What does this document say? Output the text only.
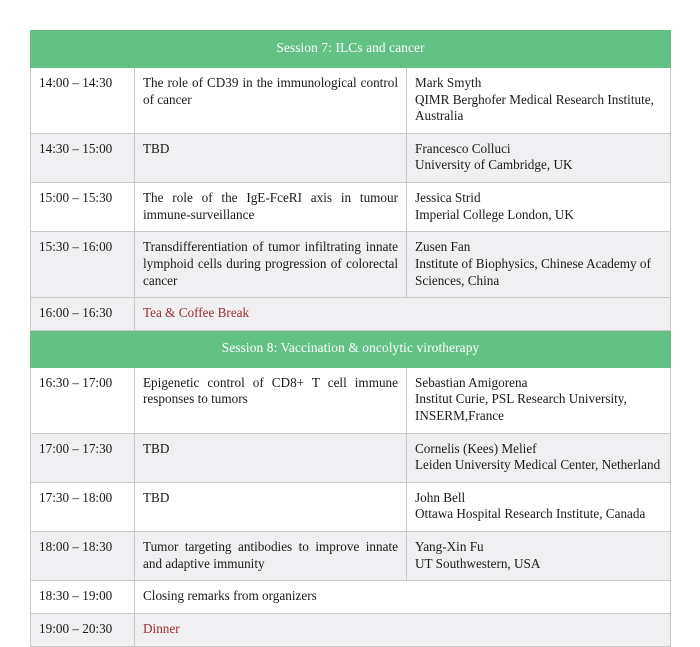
Session 7: ILCs and cancer		
14:00 – 14:30	The role of CD39 in the immunological control of cancer	Mark Smyth
QIMR Berghofer Medical Research Institute, Australia

14:30 – 15:00	TBD	Francesco Colluci
University of Cambridge, UK

15:00 – 15:30	The role of the IgE-FceRI axis in tumour immune-surveillance	Jessica Strid
Imperial College London, UK

15:30 – 16:00	Transdifferentiation of tumor infiltrating innate lymphoid cells during progression of colorectal cancer	Zusen Fan
Institute of Biophysics, Chinese Academy of Sciences, China

16:00 – 16:30	Tea & Coffee Break	
Session 8: Vaccination & oncolytic virotherapy		
16:30 – 17:00	Epigenetic control of CD8+ T cell immune responses to tumors	Sebastian Amigorena
Institut Curie, PSL Research University, INSERM,France

17:00 – 17:30	TBD	Cornelis (Kees) Melief
Leiden University Medical Center, Netherland

17:30 – 18:00	TBD	John Bell
Ottawa Hospital Research Institute, Canada

18:00 – 18:30	Tumor targeting antibodies to improve innate and adaptive immunity	Yang-Xin Fu
UT Southwestern, USA

18:30 – 19:00	Closing remarks from organizers	
19:00 – 20:30	Dinner	
